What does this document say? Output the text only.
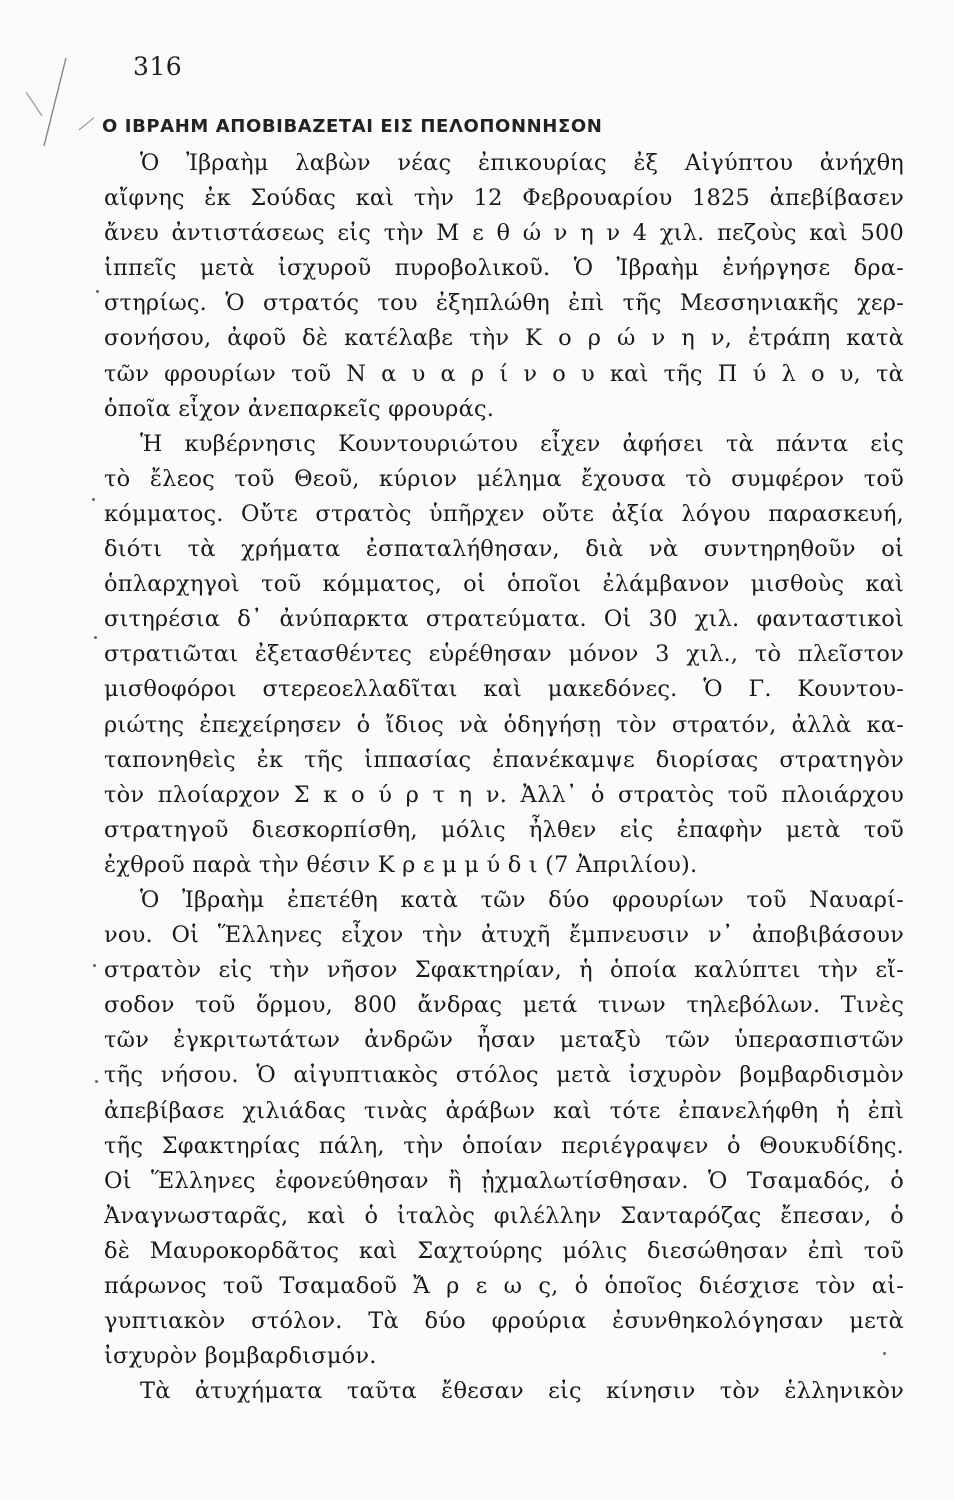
316
Ο ΙΒΡΑΗΜ ΑΠΟΒΙΒΑΖΕΤΑΙ ΕΙΣ ΠΕΛΟΠΟΝΝΗΣΟΝ
Ὁ Ἰβραὴμ λαβὼν νέας ἐπικουρίας ἐξ Αἰγύπτου ἀνήχθη
αἴφνης ἐκ Σούδας καὶ τὴν 12 Φεβρουαρίου 1825 ἀπεβίβασεν
ἄνευ ἀντιστάσεως εἰς τὴν Μ ε θ ώ ν η ν 4 χιλ. πεζοὺς καὶ 500
ἱππεῖς μετὰ ἰσχυροῦ πυροβολικοῦ. Ὁ Ἰβραὴμ ἐνήργησε δρα-
στηρίως. Ὁ στρατός του ἐξηπλώθη ἐπὶ τῆς Μεσσηνιακῆς χερ-
σονήσου, ἀφοῦ δὲ κατέλαβε τὴν Κ ο ρ ώ ν η ν, ἐτράπη κατὰ
τῶν φρουρίων τοῦ Ν α υ α ρ ί ν ο υ καὶ τῆς Π ύ λ ο υ, τὰ
ὁποῖα εἶχον ἀνεπαρκεῖς φρουράς.
Ἡ κυβέρνησις Κουντουριώτου εἶχεν ἀφήσει τὰ πάντα εἰς
τὸ ἔλεος τοῦ Θεοῦ, κύριον μέλημα ἔχουσα τὸ συμφέρον τοῦ
κόμματος. Οὔτε στρατὸς ὑπῆρχεν οὔτε ἀξία λόγου παρασκευή,
διότι τὰ χρήματα ἐσπαταλήθησαν, διὰ νὰ συντηρηθοῦν οἱ
ὁπλαρχηγοὶ τοῦ κόμματος, οἱ ὁποῖοι ἐλάμβανον μισθοὺς καὶ
σιτηρέσια δ᾽ ἀνύπαρκτα στρατεύματα. Οἱ 30 χιλ. φανταστικοὶ
στρατιῶται ἐξετασθέντες εὑρέθησαν μόνον 3 χιλ., τὸ πλεῖστον
μισθοφόροι στερεοελλαδῖται καὶ μακεδόνες. Ὁ Γ. Κουντου-
ριώτης ἐπεχείρησεν ὁ ἴδιος νὰ ὁδηγήσῃ τὸν στρατόν, ἀλλὰ κα-
ταπονηθεὶς ἐκ τῆς ἱππασίας ἐπανέκαμψε διορίσας στρατηγὸν
τὸν πλοίαρχον Σ κ ο ύ ρ τ η ν. Ἀλλ᾽ ὁ στρατὸς τοῦ πλοιάρχου
στρατηγοῦ διεσκορπίσθη, μόλις ἦλθεν εἰς ἐπαφὴν μετὰ τοῦ
ἐχθροῦ παρὰ τὴν θέσιν Κ ρ ε μ μ ύ δ ι (7 Ἀπριλίου).
Ὁ Ἰβραὴμ ἐπετέθη κατὰ τῶν δύο φρουρίων τοῦ Ναυαρί-
νου. Οἱ Ἕλληνες εἶχον τὴν ἀτυχῆ ἔμπνευσιν ν᾽ ἀποβιβάσουν
στρατὸν εἰς τὴν νῆσον Σφακτηρίαν, ἡ ὁποία καλύπτει τὴν εἴ-
σοδον τοῦ ὅρμου, 800 ἄνδρας μετά τινων τηλεβόλων. Τινὲς
τῶν ἐγκριτωτάτων ἀνδρῶν ἦσαν μεταξὺ τῶν ὑπερασπιστῶν
τῆς νήσου. Ὁ αἰγυπτιακὸς στόλος μετὰ ἰσχυρὸν βομβαρδισμὸν
ἀπεβίβασε χιλιάδας τινὰς ἀράβων καὶ τότε ἐπανελήφθη ἡ ἐπὶ
τῆς Σφακτηρίας πάλη, τὴν ὁποίαν περιέγραψεν ὁ Θουκυδίδης.
Οἱ Ἕλληνες ἐφονεύθησαν ἢ ᾐχμαλωτίσθησαν. Ὁ Τσαμαδός, ὁ
Ἀναγνωσταρᾶς, καὶ ὁ ἰταλὸς φιλέλλην Σανταρόζας ἔπεσαν, ὁ
δὲ Μαυροκορδᾶτος καὶ Σαχτούρης μόλις διεσώθησαν ἐπὶ τοῦ
πάρωνος τοῦ Τσαμαδοῦ Ἄ ρ ε ω ς, ὁ ὁποῖος διέσχισε τὸν αἰ-
γυπτιακὸν στόλον. Τὰ δύο φρούρια ἐσυνθηκολόγησαν μετὰ
ἰσχυρὸν βομβαρδισμόν.
Τὰ ἀτυχήματα ταῦτα ἔθεσαν εἰς κίνησιν τὸν ἑλληνικὸν
